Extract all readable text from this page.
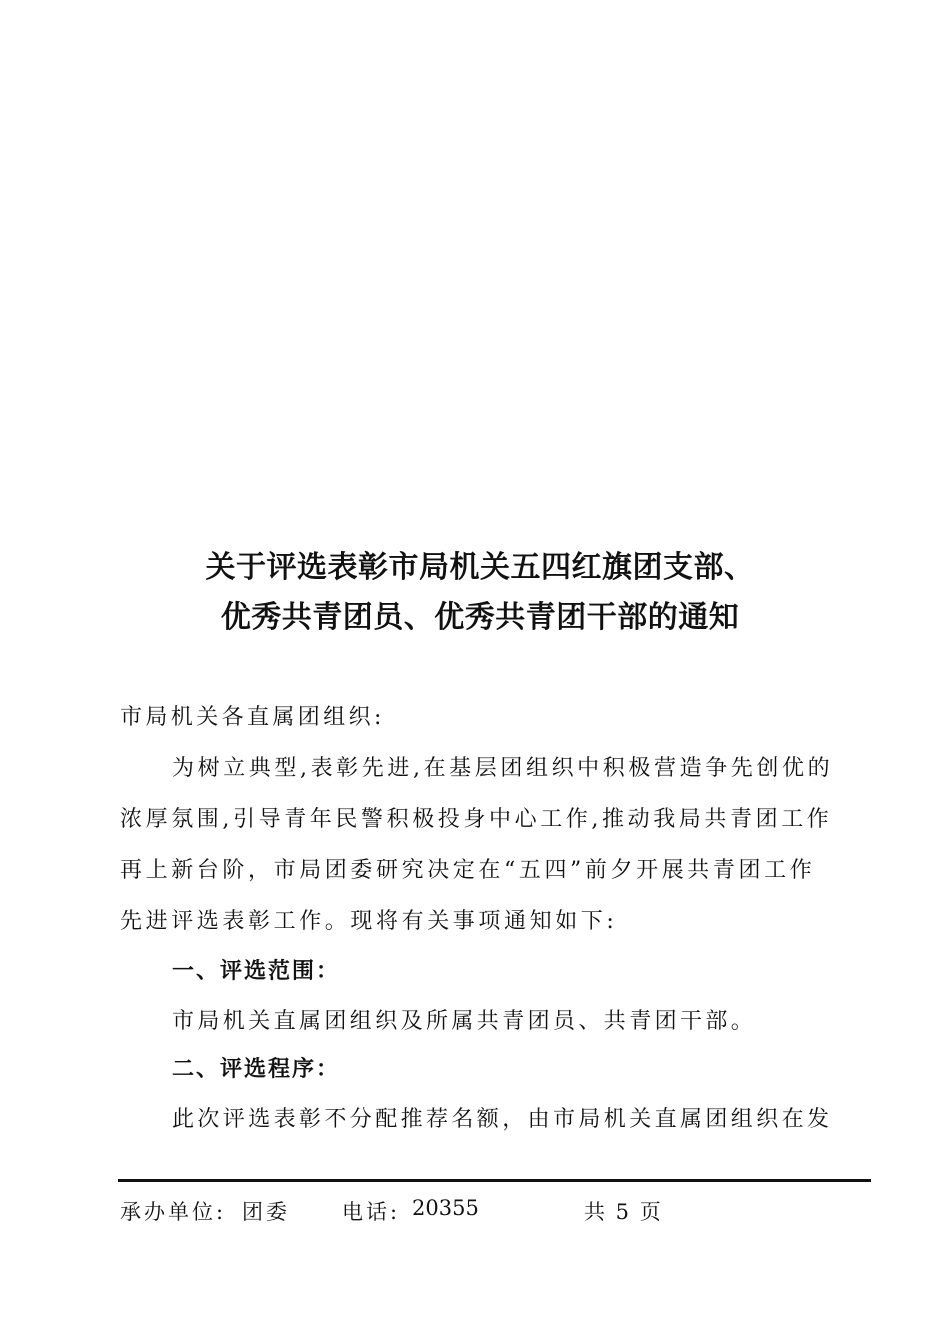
关于评选表彰市局机关五四红旗团支部、
优秀共青团员、优秀共青团干部的通知

市局机关各直属团组织:

为树立典型,表彰先进,在基层团组织中积极营造争先创优的
浓厚氛围,引导青年民警积极投身中心工作,推动我局共青团工作
再上新台阶，市局团委研究决定在“五四”前夕开展共青团工作
先进评选表彰工作。现将有关事项通知如下:
一、评选范围：

市局机关直属团组织及所属共青团员、共青团干部。

二、评选程序：

此次评选表彰不分配推荐名额，由市局机关直属团组织在发

承办单位: 团委 电话: 20355	共 5 页
